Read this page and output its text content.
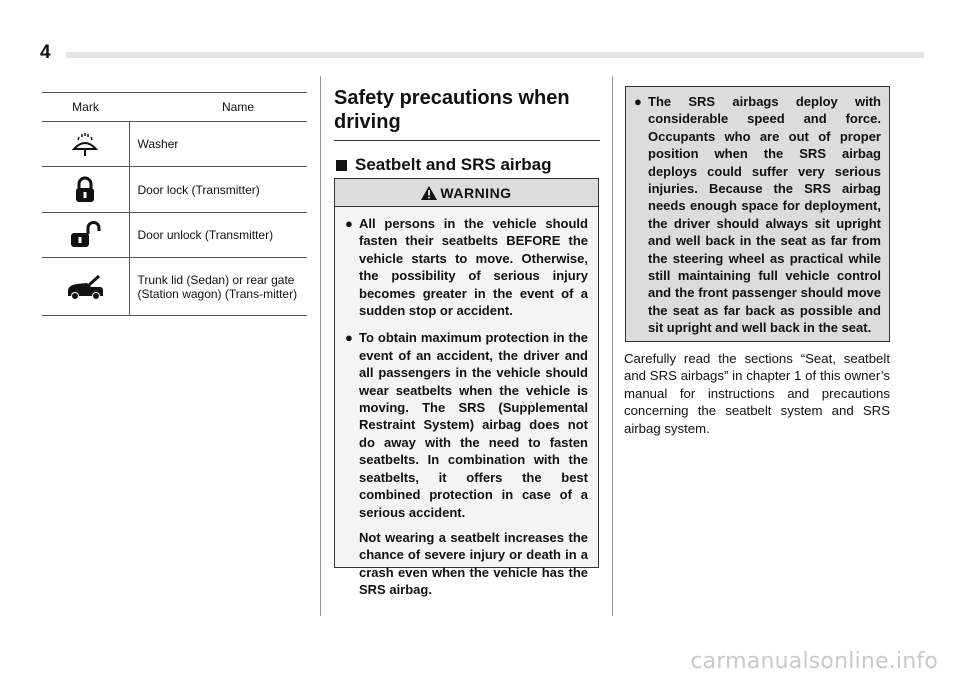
4
Mark	Name
	Washer
	Door lock (Transmitter)
	Door unlock (Transmitter)
	Trunk lid (Sedan) or rear gate (Station wagon) (Trans-mitter)
Safety precautions when driving
Seatbelt and SRS airbag
WARNING
● All persons in the vehicle should fasten their seatbelts BEFORE the vehicle starts to move. Otherwise, the possibility of serious injury becomes greater in the event of a sudden stop or accident.
● To obtain maximum protection in the event of an accident, the driver and all passengers in the vehicle should wear seatbelts when the vehicle is moving. The SRS (Supplemental Restraint System) airbag does not do away with the need to fasten seatbelts. In combination with the seatbelts, it offers the best combined protection in case of a serious accident.
Not wearing a seatbelt increases the chance of severe injury or death in a crash even when the vehicle has the SRS airbag.
● The SRS airbags deploy with considerable speed and force. Occupants who are out of proper position when the SRS airbag deploys could suffer very serious injuries. Because the SRS airbag needs enough space for deployment, the driver should always sit upright and well back in the seat as far from the steering wheel as practical while still maintaining full vehicle control and the front passenger should move the seat as far back as possible and sit upright and well back in the seat.
Carefully read the sections “Seat, seatbelt and SRS airbags” in chapter 1 of this owner’s manual for instructions and precautions concerning the seatbelt system and SRS airbag system.
carmanualsonline.info
